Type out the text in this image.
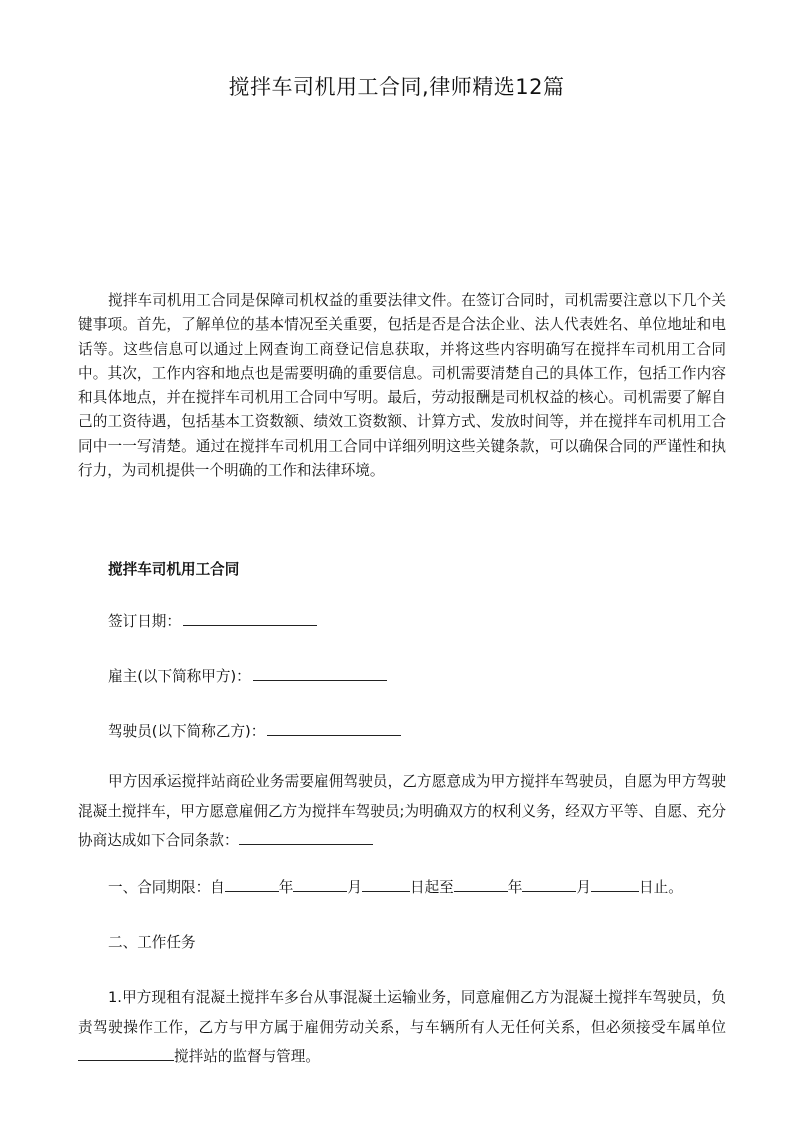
搅拌车司机用工合同,律师精选12篇

搅拌车司机用工合同是保障司机权益的重要法律文件。在签订合同时，司机需要注意以下几个关键事项。首先，了解单位的基本情况至关重要，包括是否是合法企业、法人代表姓名、单位地址和电话等。这些信息可以通过上网查询工商登记信息获取，并将这些内容明确写在搅拌车司机用工合同中。其次，工作内容和地点也是需要明确的重要信息。司机需要清楚自己的具体工作，包括工作内容和具体地点，并在搅拌车司机用工合同中写明。最后，劳动报酬是司机权益的核心。司机需要了解自己的工资待遇，包括基本工资数额、绩效工资数额、计算方式、发放时间等，并在搅拌车司机用工合同中一一写清楚。通过在搅拌车司机用工合同中详细列明这些关键条款，可以确保合同的严谨性和执行力，为司机提供一个明确的工作和法律环境。

搅拌车司机用工合同
签订日期：
雇主(以下简称甲方)：
驾驶员(以下简称乙方)：

甲方因承运搅拌站商砼业务需要雇佣驾驶员，乙方愿意成为甲方搅拌车驾驶员，自愿为甲方驾驶混凝土搅拌车，甲方愿意雇佣乙方为搅拌车驾驶员;为明确双方的权利义务，经双方平等、自愿、充分协商达成如下合同条款：

一、合同期限：自	年	月	日起至	年	月	日止。
二、工作任务

1.甲方现租有混凝土搅拌车多台从事混凝土运输业务，同意雇佣乙方为混凝土搅拌车驾驶员，负责驾驶操作工作，乙方与甲方属于雇佣劳动关系，与车辆所有人无任何关系，但必须接受车属单位搅拌站的监督与管理。
